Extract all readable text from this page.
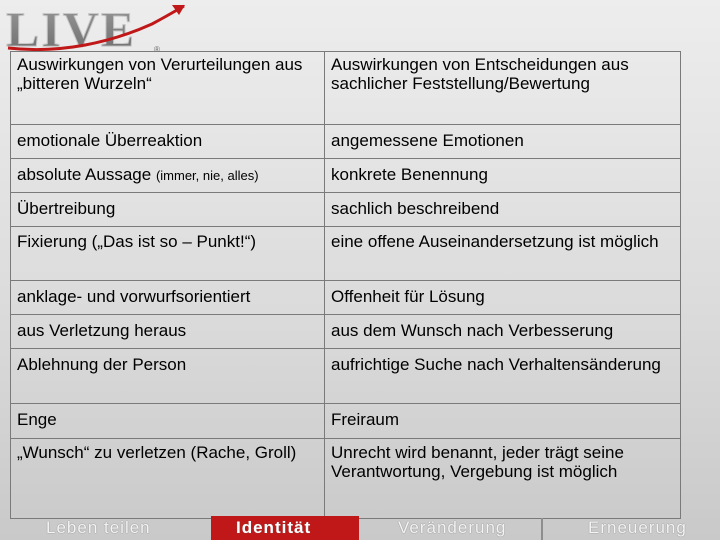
LIVE ®
Auswirkungen von Verurteilungen aus „bitteren Wurzeln“	Auswirkungen von Entscheidungen aus sachlicher Feststellung/Bewertung
emotionale Überreaktion	angemessene Emotionen
absolute Aussage (immer, nie, alles)	konkrete Benennung
Übertreibung	sachlich beschreibend
Fixierung („Das ist so – Punkt!“)	eine offene Auseinandersetzung ist möglich
anklage- und vorwurfsorientiert	Offenheit für Lösung
aus Verletzung heraus	aus dem Wunsch nach Verbesserung
Ablehnung der Person	aufrichtige Suche nach Verhaltensänderung
Enge	Freiraum
„Wunsch“ zu verletzen (Rache, Groll)	Unrecht wird benannt, jeder trägt seine Verantwortung, Vergebung ist möglich
Leben teilen	Identität	Veränderung	Erneuerung
